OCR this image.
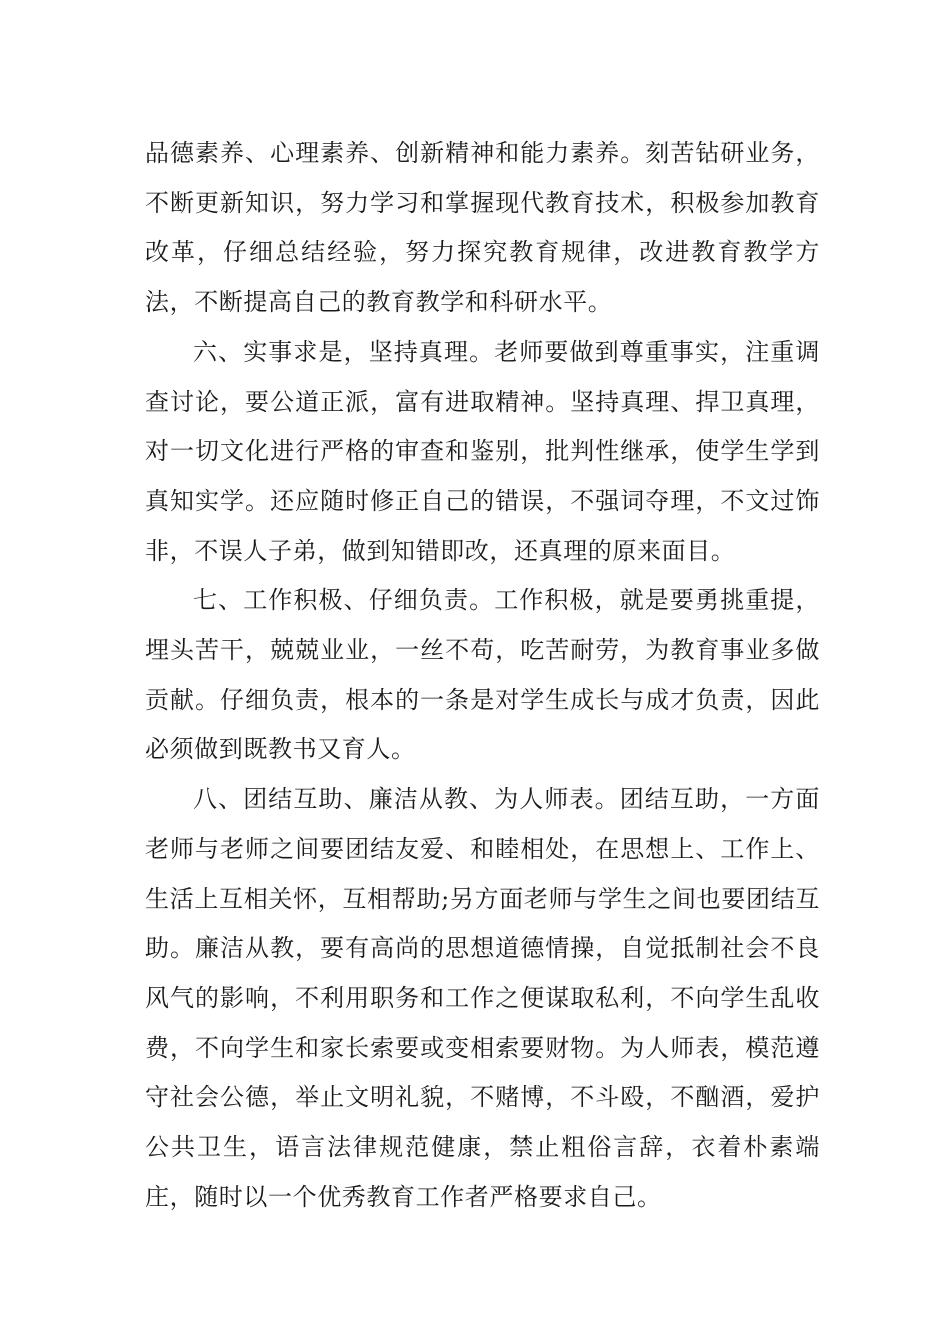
品德素养、心理素养、创新精神和能力素养。刻苦钻研业务，不断更新知识，努力学习和掌握现代教育技术，积极参加教育改革，仔细总结经验，努力探究教育规律，改进教育教学方法，不断提高自己的教育教学和科研水平。

六、实事求是，坚持真理。老师要做到尊重事实，注重调查讨论，要公道正派，富有进取精神。坚持真理、捍卫真理，对一切文化进行严格的审查和鉴别，批判性继承，使学生学到真知实学。还应随时修正自己的错误，不强词夺理，不文过饰非，不误人子弟，做到知错即改，还真理的原来面目。

七、工作积极、仔细负责。工作积极，就是要勇挑重提，埋头苦干，兢兢业业，一丝不苟，吃苦耐劳，为教育事业多做贡献。仔细负责，根本的一条是对学生成长与成才负责，因此必须做到既教书又育人。

八、团结互助、廉洁从教、为人师表。团结互助，一方面老师与老师之间要团结友爱、和睦相处，在思想上、工作上、生活上互相关怀，互相帮助;另方面老师与学生之间也要团结互助。廉洁从教，要有高尚的思想道德情操，自觉抵制社会不良风气的影响，不利用职务和工作之便谋取私利，不向学生乱收费，不向学生和家长索要或变相索要财物。为人师表，模范遵守社会公德，举止文明礼貌，不赌博，不斗殴，不酗酒，爱护公共卫生，语言法律规范健康，禁止粗俗言辞，衣着朴素端庄，随时以一个优秀教育工作者严格要求自己。
